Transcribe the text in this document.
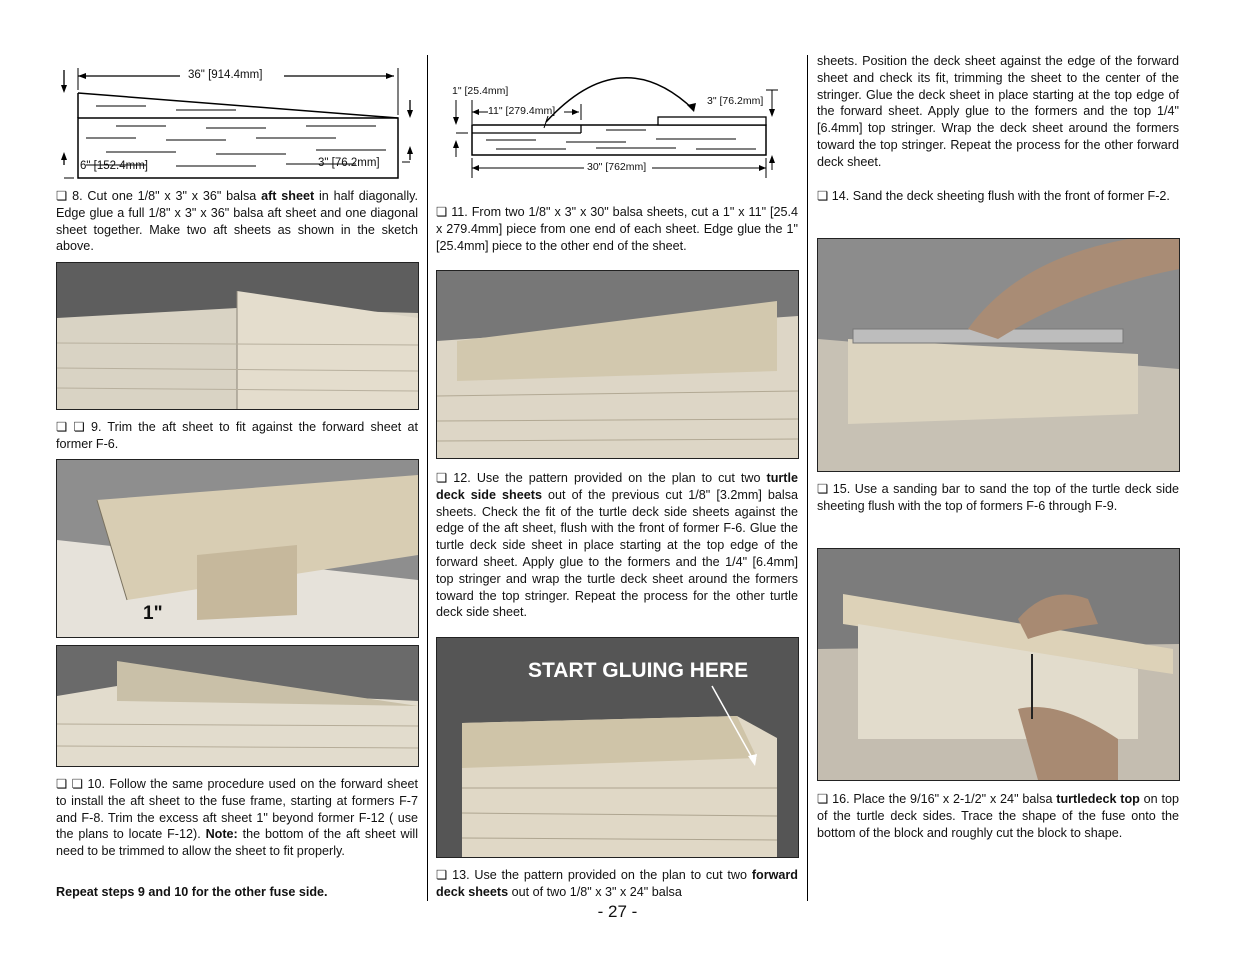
36" [914.4mm]
6" [152.4mm]	3" [76.2mm]
❏ 8. Cut one 1/8" x 3" x 36" balsa aft sheet in half diagonally. Edge glue a full 1/8" x 3" x 36" balsa aft sheet and one diagonal sheet together. Make two aft sheets as shown in the sketch above.
❏ ❏ 9. Trim the aft sheet to fit against the forward sheet at former F-6.
1"
❏ ❏ 10. Follow the same procedure used on the forward sheet to install the aft sheet to the fuse frame, starting at formers F-7 and F-8. Trim the excess aft sheet 1" beyond former F-12 ( use the plans to locate F-12). Note: the bottom of the aft sheet will need to be trimmed to allow the sheet to fit properly.
Repeat steps 9 and 10 for the other fuse side.
1" [25.4mm]
11" [279.4mm]
3" [76.2mm]
30" [762mm]
❏ 11. From two 1/8" x 3" x 30" balsa sheets, cut a 1" x 11" [25.4 x 279.4mm] piece from one end of each sheet. Edge glue the 1" [25.4mm] piece to the other end of the sheet.
❏ 12. Use the pattern provided on the plan to cut two turtle deck side sheets out of the previous cut 1/8" [3.2mm] balsa sheets. Check the fit of the turtle deck side sheets against the edge of the aft sheet, flush with the front of former F-6. Glue the turtle deck side sheet in place starting at the top edge of the forward sheet. Apply glue to the formers and the 1/4" [6.4mm] top stringer and wrap the turtle deck sheet around the formers toward the top stringer. Repeat the process for the other turtle deck side sheet.
START GLUING HERE
❏ 13. Use the pattern provided on the plan to cut two forward deck sheets out of two 1/8" x 3" x 24" balsa
sheets. Position the deck sheet against the edge of the forward sheet and check its fit, trimming the sheet to the center of the stringer. Glue the deck sheet in place starting at the top edge of the forward sheet. Apply glue to the formers and the top 1/4" [6.4mm] top stringer. Wrap the deck sheet around the formers toward the top stringer. Repeat the process for the other forward deck sheet.
❏ 14. Sand the deck sheeting flush with the front of former F-2.
❏ 15. Use a sanding bar to sand the top of the turtle deck side sheeting flush with the top of formers F-6 through F-9.
❏ 16. Place the 9/16" x 2-1/2" x 24" balsa turtledeck top on top of the turtle deck sides. Trace the shape of the fuse onto the bottom of the block and roughly cut the block to shape.
- 27 -
